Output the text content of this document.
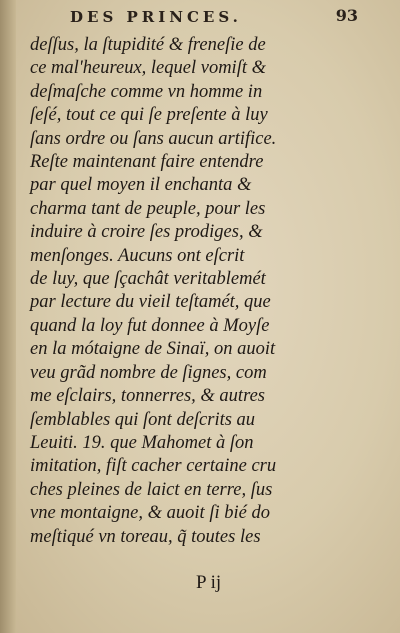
DES PRINCES.	93
deſſus, la ſtupidité & freneſie de
ce mal'heureux, lequel vomiſt &
deſmaſche comme vn homme in
ſeſé, tout ce qui ſe preſente à luy
ſans ordre ou ſans aucun artifice.
Reſte maintenant faire entendre
par quel moyen il enchanta &
charma tant de peuple, pour les
induire à croire ſes prodiges, &
menſonges. Aucuns ont eſcrit
de luy, que ſçachât veritablemét
par lecture du vieil teſtamét, que
quand la loy fut donnee à Moyſe
en la mótaigne de Sinaï, on auoit
veu grãd nombre de ſignes, com
me eſclairs, tonnerres, & autres
ſemblables qui ſont deſcrits au
Leuiti. 19. que Mahomet à ſon
imitation, fiſt cacher certaine cru
ches pleines de laict en terre, ſus
vne montaigne, & auoit ſi bié do
meſtiqué vn toreau, q̃ toutes les
P ij
